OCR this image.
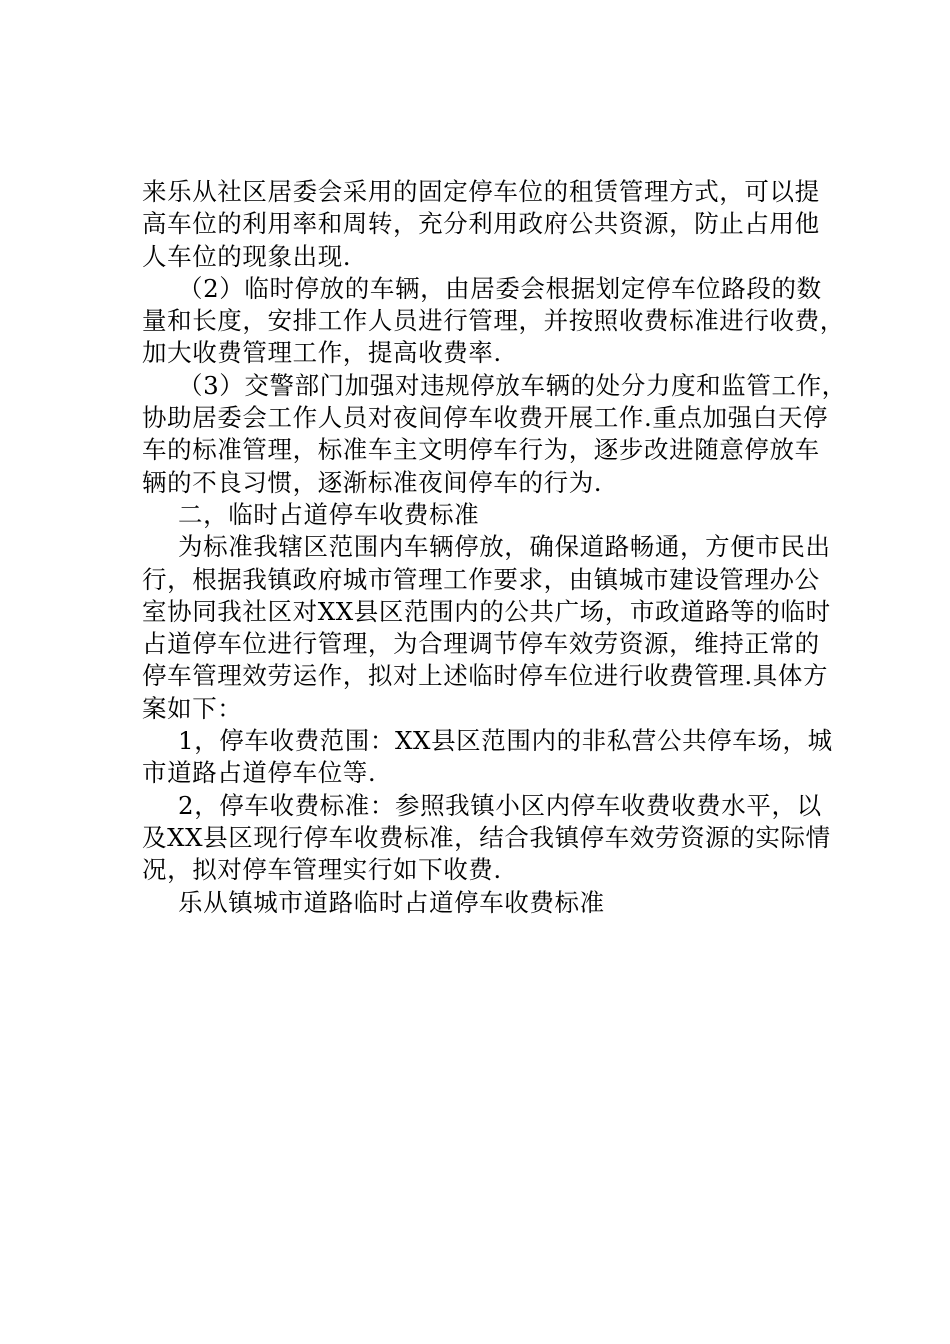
来乐从社区居委会采用的固定停车位的租赁管理方式，可以提
高车位的利用率和周转，充分利用政府公共资源，防止占用他
人车位的现象出现.

（2）临时停放的车辆，由居委会根据划定停车位路段的数
量和长度，安排工作人员进行管理，并按照收费标准进行收费，
加大收费管理工作，提高收费率.

（3）交警部门加强对违规停放车辆的处分力度和监管工作，
协助居委会工作人员对夜间停车收费开展工作.重点加强白天停
车的标准管理，标准车主文明停车行为，逐步改进随意停放车
辆的不良习惯，逐渐标准夜间停车的行为.

二，临时占道停车收费标准

为标准我辖区范围内车辆停放，确保道路畅通，方便市民出
行，根据我镇政府城市管理工作要求，由镇城市建设管理办公
室协同我社区对XX县区范围内的公共广场，市政道路等的临时
占道停车位进行管理，为合理调节停车效劳资源，维持正常的
停车管理效劳运作，拟对上述临时停车位进行收费管理.具体方
案如下：

1，停车收费范围：XX县区范围内的非私营公共停车场，城
市道路占道停车位等.

2，停车收费标准：参照我镇小区内停车收费收费水平，以
及XX县区现行停车收费标准，结合我镇停车效劳资源的实际情
况，拟对停车管理实行如下收费.

乐从镇城市道路临时占道停车收费标准
